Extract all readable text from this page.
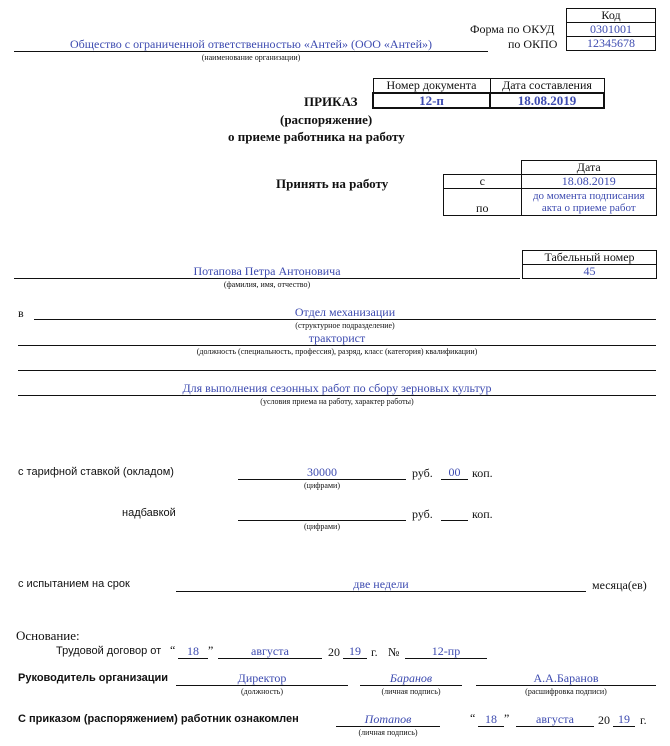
Код
0301001
12345678
Форма по ОКУД
по ОКПО
Общество с ограниченной ответственностью «Антей» (ООО «Антей»)
(наименование организации)
ПРИКАЗ
(распоряжение)
о приеме работника на работу
Номер документа	Дата составления
12-п	18.08.2019
Принять на работу
	Дата
с	18.08.2019
по	до момента подписания
акта о приеме работ
Табельный номер
45
Потапова Петра Антоновича
(фамилия, имя, отчество)
в	Отдел механизации
(структурное подразделение)
тракторист
(должность (специальность, профессия), разряд, класс (категория) квалификации)
Для выполнения сезонных работ по сбору зерновых культур
(условия приема на работу, характер работы)
с тарифной ставкой (окладом)	30000
(цифрами)
руб.	00 коп.
надбавкой
(цифрами)
руб.	коп.
с испытанием на срок	две недели	месяца(ев)
Основание:
Трудовой договор от “ 18 ”	августа	20 19 г. №	12-пр
Руководитель организации	Директор
(должность)
Баранов
(личная подпись)
А.А.Баранов
(расшифровка подписи)
С приказом (распоряжением) работник ознакомлен	Потапов
(личная подпись)
“ 18 ”	августа	20 19 г.
